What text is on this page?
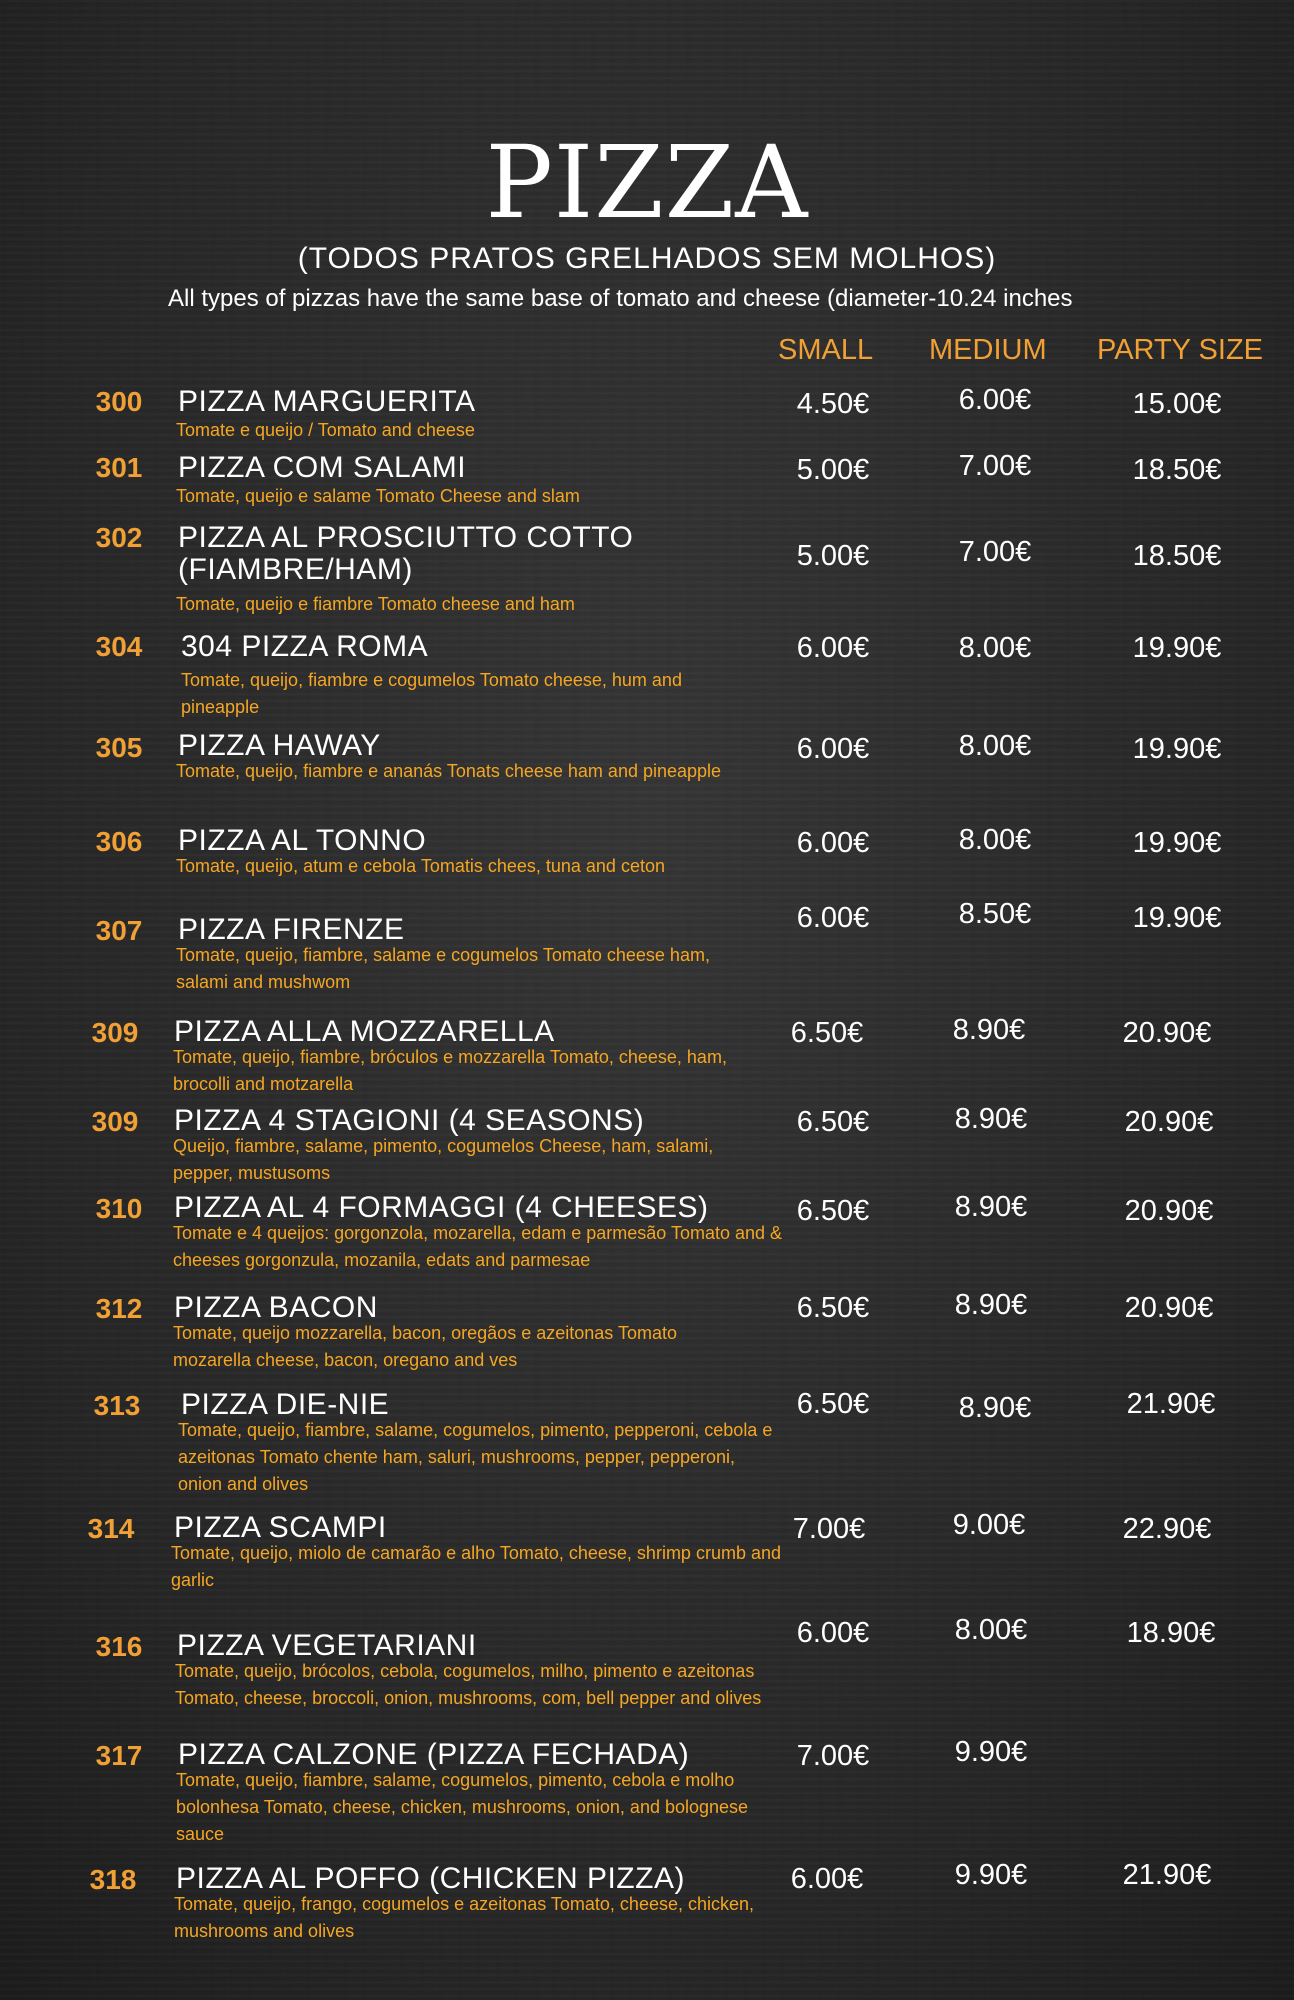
PIZZA
(TODOS PRATOS GRELHADOS SEM MOLHOS)
All types of pizzas have the same base of tomato and cheese (diameter-10.24 inches
SMALL MEDIUM PARTY SIZE
300	PIZZA MARGUERITA
Tomate e queijo / Tomato and cheese
4.50€	6.00€	15.00€
301	PIZZA COM SALAMI
Tomate, queijo e salame Tomato Cheese and slam
5.00€	7.00€	18.50€
302	PIZZA AL PROSCIUTTO COTTO (FIAMBRE/HAM)
Tomate, queijo e fiambre Tomato cheese and ham
5.00€	7.00€	18.50€
304	304 PIZZA ROMA
Tomate, queijo, fiambre e cogumelos Tomato cheese, hum and pineapple
6.00€	8.00€	19.90€
305	PIZZA HAWAY
Tomate, queijo, fiambre e ananás Tonats cheese ham and pineapple
6.00€	8.00€	19.90€
306	PIZZA AL TONNO
Tomate, queijo, atum e cebola Tomatis chees, tuna and ceton
6.00€	8.00€	19.90€
307	PIZZA FIRENZE
Tomate, queijo, fiambre, salame e cogumelos Tomato cheese ham, salami and mushwom
6.00€	8.50€	19.90€
309	PIZZA ALLA MOZZARELLA
Tomate, queijo, fiambre, bróculos e mozzarella Tomato, cheese, ham, brocolli and motzarella
6.50€	8.90€	20.90€
309	PIZZA 4 STAGIONI (4 SEASONS)
Queijo, fiambre, salame, pimento, cogumelos Cheese, ham, salami, pepper, mustusoms
6.50€	8.90€	20.90€
310	PIZZA AL 4 FORMAGGI (4 CHEESES)
Tomate e 4 queijos: gorgonzola, mozarella, edam e parmesão Tomato and & cheeses gorgonzula, mozanila, edats and parmesae
6.50€	8.90€	20.90€
312	PIZZA BACON
Tomate, queijo mozzarella, bacon, oregãos e azeitonas Tomato mozarella cheese, bacon, oregano and ves
6.50€	8.90€	20.90€
313	PIZZA DIE-NIE
Tomate, queijo, fiambre, salame, cogumelos, pimento, pepperoni, cebola e azeitonas Tomato chente ham, saluri, mushrooms, pepper, pepperoni, onion and olives
6.50€	8.90€	21.90€
314	PIZZA SCAMPI
Tomate, queijo, miolo de camarão e alho Tomato, cheese, shrimp crumb and garlic
7.00€	9.00€	22.90€
316	PIZZA VEGETARIANI
Tomate, queijo, brócolos, cebola, cogumelos, milho, pimento e azeitonas Tomato, cheese, broccoli, onion, mushrooms, com, bell pepper and olives
6.00€	8.00€	18.90€
317	PIZZA CALZONE (PIZZA FECHADA)
Tomate, queijo, fiambre, salame, cogumelos, pimento, cebola e molho bolonhesa Tomato, cheese, chicken, mushrooms, onion, and bolognese sauce
7.00€	9.90€
318	PIZZA AL POFFO (CHICKEN PIZZA)
Tomate, queijo, frango, cogumelos e azeitonas Tomato, cheese, chicken, mushrooms and olives
6.00€	9.90€	21.90€
